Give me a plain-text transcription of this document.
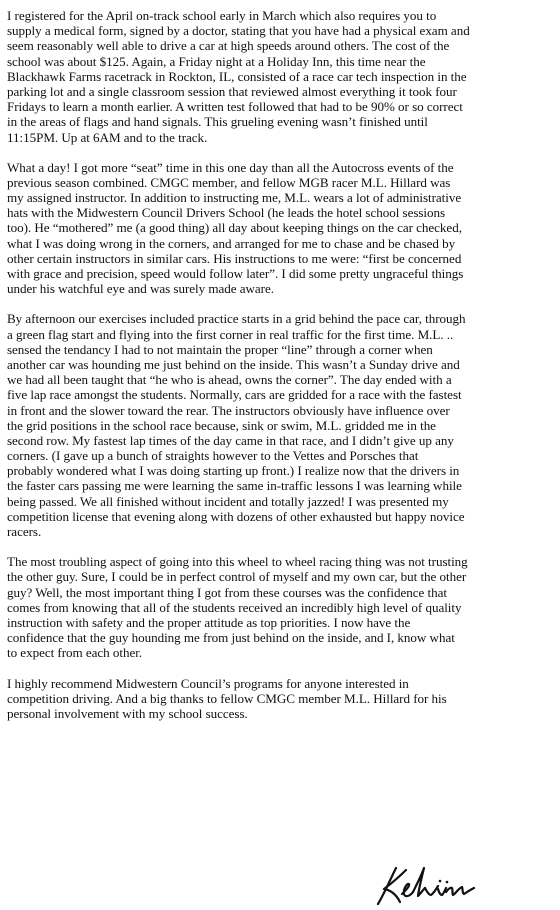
I registered for the April on-track school early in March which also requires you to
supply a medical form, signed by a doctor, stating that you have had a physical exam and
seem reasonably well able to drive a car at high speeds around others. The cost of the
school was about $125. Again, a Friday night at a Holiday Inn, this time near the
Blackhawk Farms racetrack in Rockton, IL, consisted of a race car tech inspection in the
parking lot and a single classroom session that reviewed almost everything it took four
Fridays to learn a month earlier. A written test followed that had to be 90% or so correct
in the areas of flags and hand signals. This grueling evening wasn’t finished until
11:15PM. Up at 6AM and to the track.
What a day! I got more “seat” time in this one day than all the Autocross events of the
previous season combined. CMGC member, and fellow MGB racer M.L. Hillard was
my assigned instructor. In addition to instructing me, M.L. wears a lot of administrative
hats with the Midwestern Council Drivers School (he leads the hotel school sessions
too). He “mothered” me (a good thing) all day about keeping things on the car checked,
what I was doing wrong in the corners, and arranged for me to chase and be chased by
other certain instructors in similar cars. His instructions to me were: “first be concerned
with grace and precision, speed would follow later”. I did some pretty ungraceful things
under his watchful eye and was surely made aware.
By afternoon our exercises included practice starts in a grid behind the pace car, through
a green flag start and flying into the first corner in real traffic for the first time. M.L. ..
sensed the tendancy I had to not maintain the proper “line” through a corner when
another car was hounding me just behind on the inside. This wasn’t a Sunday drive and
we had all been taught that “he who is ahead, owns the corner”. The day ended with a
five lap race amongst the students. Normally, cars are gridded for a race with the fastest
in front and the slower toward the rear. The instructors obviously have influence over
the grid positions in the school race because, sink or swim, M.L. gridded me in the
second row. My fastest lap times of the day came in that race, and I didn’t give up any
corners. (I gave up a bunch of straights however to the Vettes and Porsches that
probably wondered what I was doing starting up front.) I realize now that the drivers in
the faster cars passing me were learning the same in-traffic lessons I was learning while
being passed. We all finished without incident and totally jazzed! I was presented my
competition license that evening along with dozens of other exhausted but happy novice
racers.
The most troubling aspect of going into this wheel to wheel racing thing was not trusting
the other guy. Sure, I could be in perfect control of myself and my own car, but the other
guy? Well, the most important thing I got from these courses was the confidence that
comes from knowing that all of the students received an incredibly high level of quality
instruction with safety and the proper attitude as top priorities. I now have the
confidence that the guy hounding me from just behind on the inside, and I, know what
to expect from each other.
I highly recommend Midwestern Council’s programs for anyone interested in
competition driving. And a big thanks to fellow CMGC member M.L. Hillard for his
personal involvement with my school success.
